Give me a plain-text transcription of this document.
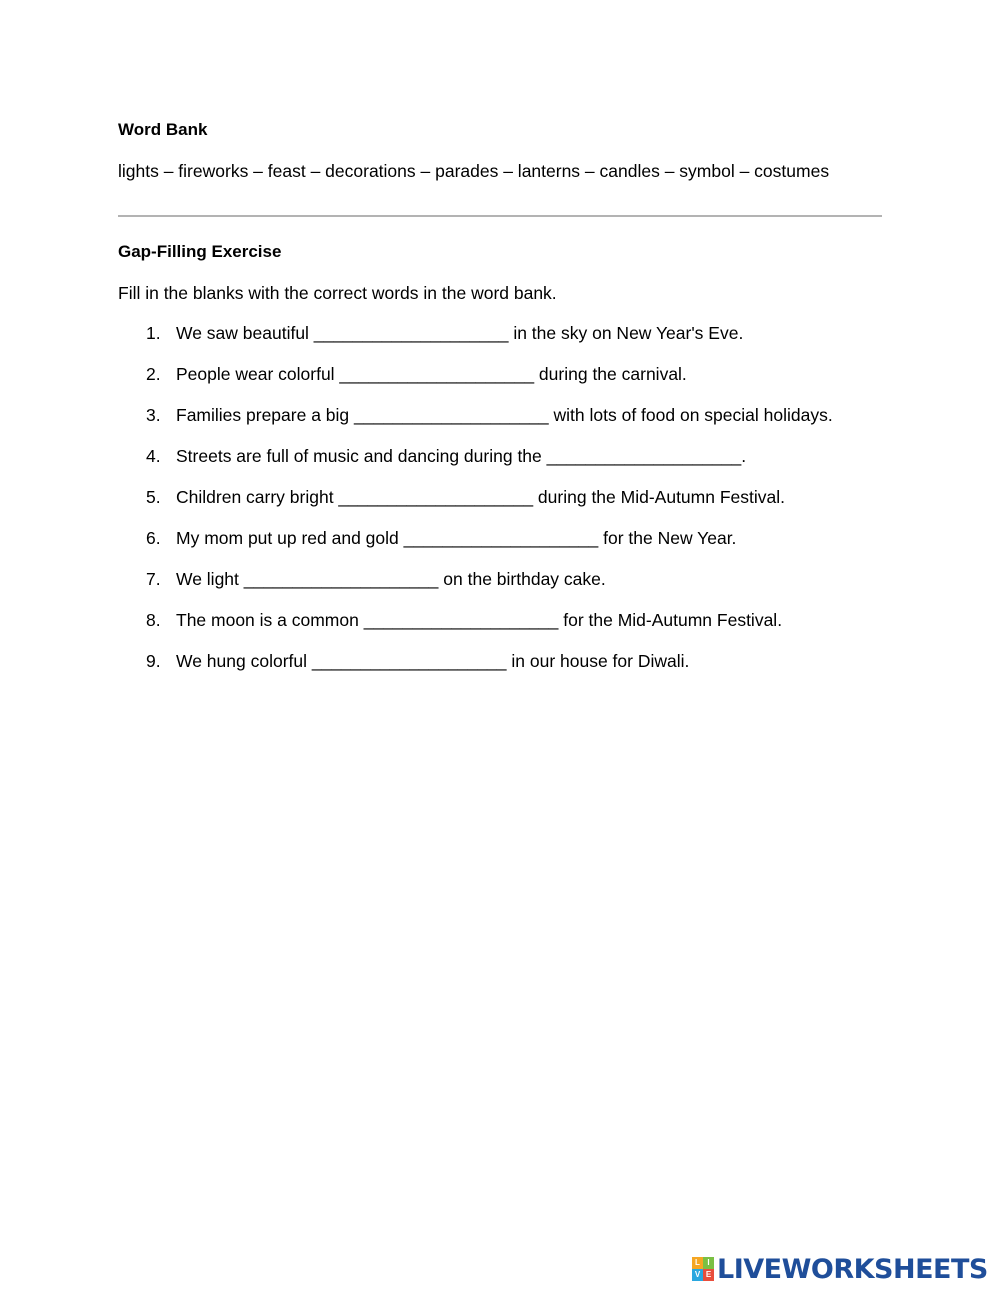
Word Bank

lights – fireworks – feast – decorations – parades – lanterns – candles – symbol – costumes

Gap-Filling Exercise

Fill in the blanks with the correct words in the word bank.

1. We saw beautiful ____________________ in the sky on New Year's Eve.
2. People wear colorful ____________________ during the carnival.
3. Families prepare a big ____________________ with lots of food on special holidays.
4. Streets are full of music and dancing during the ____________________.
5. Children carry bright ____________________ during the Mid-Autumn Festival.
6. My mom put up red and gold ____________________ for the New Year.
7. We light ____________________ on the birthday cake.
8. The moon is a common ____________________ for the Mid-Autumn Festival.
9. We hung colorful ____________________ in our house for Diwali.
L I
V E LIVEWORKSHEETS
